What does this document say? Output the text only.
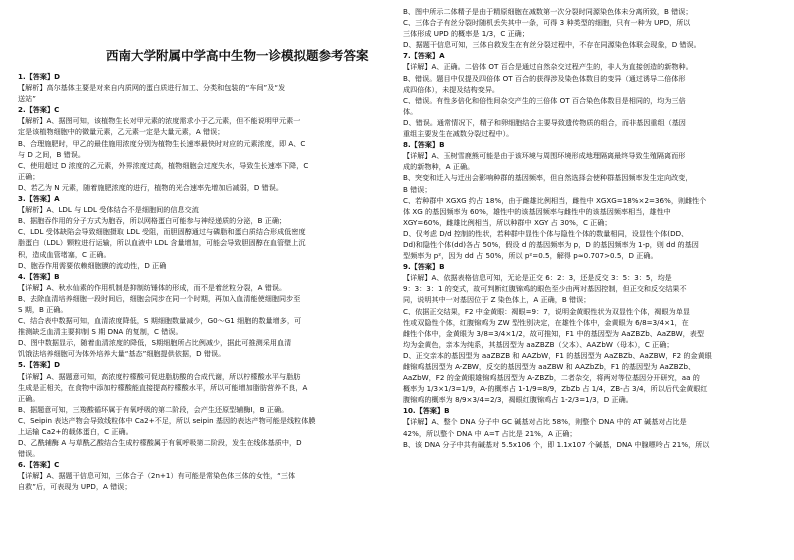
西南大学附属中学高中生物一诊模拟题参考答案
1.【答案】D
【解析】高尔基体主要是对来自内质网的蛋白质进行加工、分类和包装的“车间”及“发
送站”
2.【答案】C
【解析】A、据图可知，该植物生长对甲元素的浓度需求小于乙元素，但不能说明甲元素一
定是该植物细胞中的微量元素，乙元素一定是大量元素，A 错误；
B、合理施肥时，甲乙的最佳施用浓度分别为植物生长速率最快时对应的元素浓度，即 A、C
与 D 之间，B 错误。
C、使用超过 D 浓度的乙元素，外界浓度过高，植物细胞会过度失水，导致生长速率下降，C
正确；
D、若乙为 N 元素，随着施肥浓度的进行，植物的光合速率先增加后减弱，D 错误。
3.【答案】A
【解析】A、LDL 与 LDL 受体结合不是细胞间的信息交流
B、据胞吞作用的分子方式为胞吞，所以网格蛋白可能参与神经递质的分泌，B 正确；
C、LDL 受体缺陷会导致细胞摄取 LDL 受阻，而胆固醇通过与磷脂和蛋白质结合形成低密度
脂蛋白（LDL）颗粒进行运输，所以血液中 LDL 含量增加，可能会导致胆固醇在血管壁上沉
积，造成血管堵塞，C 正确。
D、胞吞作用需要依赖细胞膜的流动性，D 正确
4.【答案】B
【详解】A、秋水仙素的作用机制是抑制纺锤体的形成，而不是着丝粒分裂，A 错误。
B、去除血清培养细胞一段时间后，细胞会同步在同一个时期，再加入血清能使细胞同步至
S 期，B 正确。
C、结合表中数据可知，血清浓度降低，S 期细胞数量减少，G0～G1 细胞的数量增多，可
推测缺乏血清主要抑制 S 期 DNA 的复制，C 错误。
D、图中数据显示，随着血清浓度的降低，S期细胞所占比例减少，据此可推测采用血清
饥饿法培养细胞可为体外培养大量“基态”细胞提供依据，D 错误。
5.【答案】D
【详解】A、据题意可知，高浓度柠檬酸可促进脂肪酸的合成代谢，所以柠檬酸水平与脂肪
生成是正相关，在食物中添加柠檬酸能直接提高柠檬酸水平，所以可能增加脂肪营养不良，A
正确。
B、据题意可知，三羧酸循环属于有氧呼吸的第二阶段，会产生还原型辅酶Ⅰ，B 正确。
C、Seipin 表达产物会导致线粒体中 Ca2+不足，所以 seipin 基因的表达产物可能是线粒体膜
上运输 Ca2+的载体蛋白，C 正确。
D、乙酰辅酶 A 与草酰乙酸结合生成柠檬酸属于有氧呼吸第二阶段，发生在线体基质中，D
错误。
6.【答案】C
【详解】A、据题干信息可知，三体合子（2n+1）有可能是常染色体三体的女性，“三体
自救”后，可表现为 UPD，A 错误；
B、图中所示二体精子是由于精原细胞在减数第一次分裂时同源染色体未分离所致，B 错误；
C、三体合子有丝分裂时随机丢失其中一条，可得 3 种类型的细胞，只有一种为 UPD，所以
三体形成 UPD 的概率是 1/3，C 正确；
D、据题干信息可知，三体自救发生在有丝分裂过程中，不存在同源染色体联会现象，D 错误。
7.【答案】A
【详解】A、正确。二倍体 OT 百合是通过自然杂交过程产生的，非人为直接创造的新物种。
B、错误。题目中仅提及四倍体 OT 百合的获得涉及染色体数目的变异（通过诱导二倍体形
成四倍体），未提及结构变异。
C、错误。有性多倍化和倍性间杂交产生的三倍体 OT 百合染色体数目是相同的，均为三倍
体。
D、错误。通常情况下，精子和卵细胞结合主要导致遗传物质的组合，而非基因重组（基因
重组主要发生在减数分裂过程中）。
8.【答案】B
【详解】A、玉树雪鹿熊可能是由于该环境与周围环境形成地理隔离最终导致生殖隔离而形
成的新物种，A 正确。
B、突变和迁入与迁出会影响种群的基因频率，但自然选择会使种群基因频率发生定向改变，
B 错误；
C、若种群中 XGXG 约占 18%，由于雌雄比例相当，雌性中 XGXG=18%×2=36%，则雌性个
体 XG 的基因频率为 60%，雄性中的该基因频率与雌性中的该基因频率相当，雄性中
XGY=60%，雌雄比例相当，所以种群中 XGY 占 30%，C 正确；
D、仅考虑 D/d 控制的性状，若种群中显性个体与隐性个体的数量相同，设显性个体(DD、
Dd)和隐性个体(dd)各占 50%，假设 d 的基因频率为 p，D 的基因频率为 1-p，则 dd 的基因
型频率为 p²，因为 dd 占 50%，所以 p²=0.5，解得 p≈0.707>0.5，D 正确。
9.【答案】B
【详解】A、依据表格信息可知，无论是正交 6：2：3，还是反交 3：5：3：5，均是
9：3：3：1 的变式，故可判断红腹锦鸡的眼色至少由两对基因控制，但正交和反交结果不
同，说明其中一对基因位于 Z 染色体上，A 正确，B 错误；
C、依据正交结果，F2 中金黄眼：褐眼=9：7，说明金黄眼性状为双显性个体，褐眼为单显
性或双隐性个体，红腹锦鸡为 ZW 型性别决定，在雄性个体中，金黄眼为 6/8=3/4×1，在
雌性个体中，金黄眼为 3/8=3/4×1/2，故可推知，F1 中的基因型为 AaZBZb、AaZBW，表型
均为金黄色，亲本为纯系，其基因型为 aaZBZB（父本）、AAZbW（母本），C 正确；
D、正交亲本的基因型为 aaZBZB 和 AAZbW，F1 的基因型为 AaZBZb、AaZBW，F2 的金黄眼
雌锦鸡基因型为 A-ZBW，反交的基因型为 aaZBW 和 AAZbZb，F1 的基因型为 AaZBZb、
AaZbW，F2 的金黄眼雄锦鸡基因型为 A-ZBZb，二者杂交，将两对等位基因分开研究，aa 的
概率为 1/3×1/3=1/9，A-的概率占 1-1/9=8/9，ZbZb 占 1/4，ZB-占 3/4，所以后代金黄眼红
腹锦鸡的概率为 8/9×3/4=2/3，褐眼红腹锦鸡占 1-2/3=1/3，D 正确。
10.【答案】B
【详解】A、整个 DNA 分子中 GC 碱基对占比 58%，则整个 DNA 中的 AT 碱基对占比是
42%，所以整个 DNA 中 A=T 占比是 21%，A 正确；
B、该 DNA 分子中共有碱基对 5.5x106 个，即 1.1x107 个碱基，DNA 中腺嘌呤占 21%，所以
